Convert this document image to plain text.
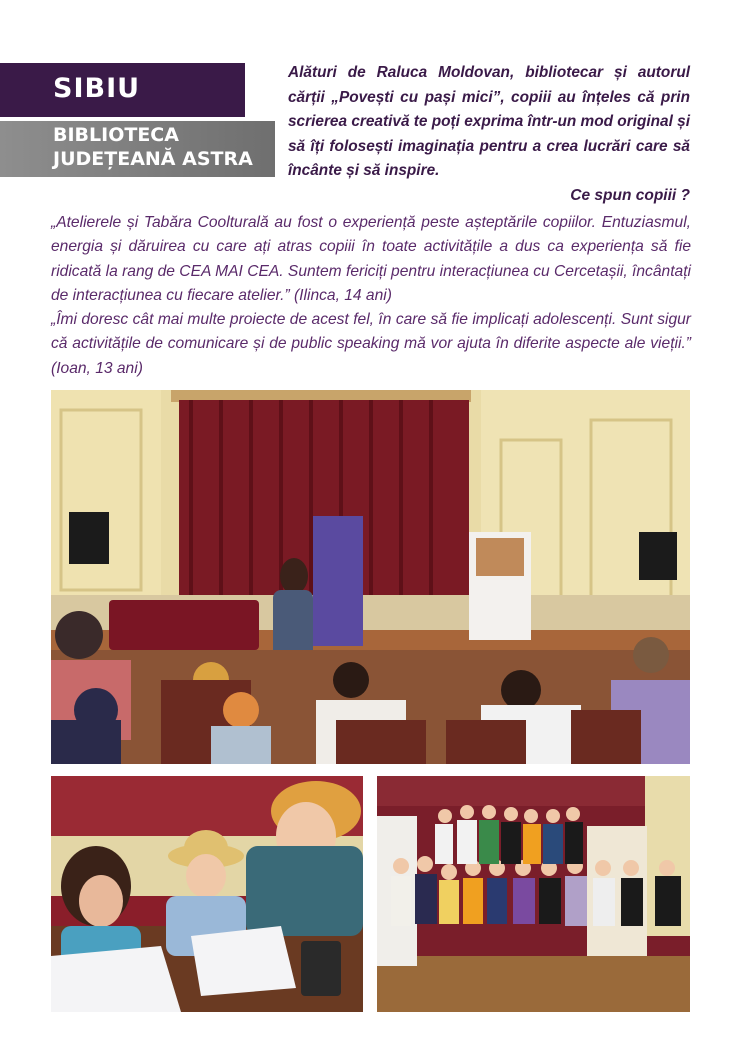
SIBIU
BIBLIOTECA JUDEȚEANĂ ASTRA
Alături de Raluca Moldovan, bibliotecar și autorul cărții „Povești cu pași mici”, copiii au înțeles că prin scrierea creativă te poți exprima într-un mod original și să îți folosești imaginația pentru a crea lucrări care să încânte și să inspire.
Ce spun copiii ?

„Atelierele și Tabăra Coolturală au fost o experiență peste așteptările copiilor. Entuziasmul, energia și dăruirea cu care ați atras copiii în toate activitățile a dus ca experiența să fie ridicată la rang de CEA MAI CEA. Suntem fericiți pentru interacțiunea cu Cercetașii, încântați de interacțiunea cu fiecare atelier.” (Ilinca, 14 ani)

„Îmi doresc cât mai multe proiecte de acest fel, în care să fie implicați adolescenți. Sunt sigur că activitățile de comunicare și de public speaking mă vor ajuta în diferite aspecte ale vieții.” (Ioan, 13 ani)
